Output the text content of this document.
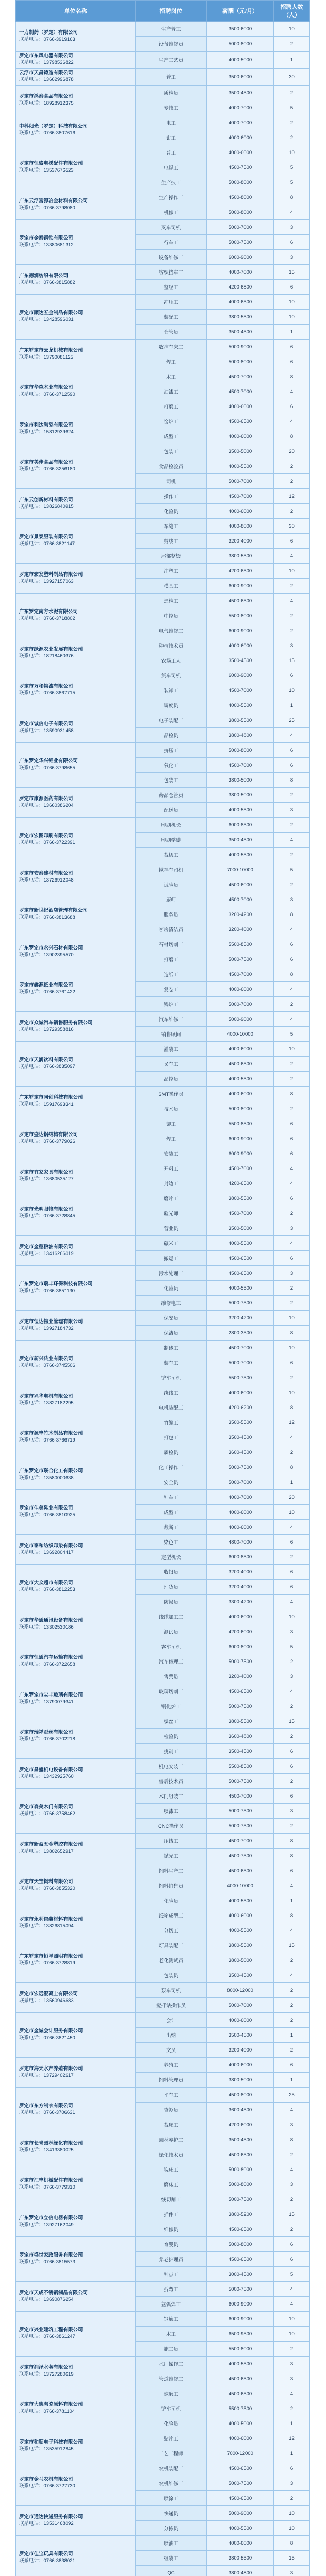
单位名称	招聘岗位	薪酬（元/月）	招聘人数（人）

一力制药（罗定）有限公司
联系电话：0766-3919163	生产普工	3500-6000	10
	设备维修员	5000-8000	2

罗定市东风电器有限公司
联系电话：13798536822	生产工艺员	4000-5000	1

云浮市天昌铸造有限公司
联系电话：13662996878	普工	3500-6000	30

罗定市鸿泰食品有限公司
联系电话：18928912375	质检员	3500-4500	2
	专技工	4000-7000	5

中科阳光（罗定）科技有限公司
联系电话：0766-3807616	电工	4000-7000	2
	钳工	4000-6000	2

罗定市恒盛电梯配件有限公司
联系电话：13537676523	普工	4000-6000	10
	电焊工	4500-7500	5
	生产技工	5000-8000	5

广东云浮富源冶金材料有限公司
联系电话：0766-3798080	生产操作工	4500-8000	8
	机修工	5000-8000	4

罗定市金泰钢铁有限公司
联系电话：13380681312	叉车司机	5000-7000	3
	行车工	5000-7500	6
	设备维修工	6000-9000	3

广东德润纺织有限公司
联系电话：0766-3815882	纺织挡车工	4000-7000	15
	整经工	4200-6800	6

罗定市顺达五金制品有限公司
联系电话：13428596031	冲压工	4000-6500	10
	装配工	3800-5500	10
	仓管员	3500-4500	1

广东罗定市云龙机械有限公司
联系电话：13790081125	数控车床工	5000-9000	6
	焊工	5000-8000	6

罗定市华森木业有限公司
联系电话：0766-3712590	木工	4500-7000	8
	油漆工	4500-7000	4
	打磨工	4000-6000	6

罗定市利达陶瓷有限公司
联系电话：15812939624	窑炉工	4500-6500	4
	成型工	4000-6000	8

罗定市美佳食品有限公司
联系电话：0766-3256180	包装工	3500-5000	20
	食品检验员	4000-5500	2
	司机	5000-7000	2

广东云创新材料有限公司
联系电话：13826840915	操作工	4500-7000	12
	化验员	4000-6000	2

罗定市景泰服装有限公司
联系电话：0766-3821147	车缝工	4000-8000	30
	剪线工	3200-4000	6
	尾部整烫	3800-5500	4

罗定市宏发塑料制品有限公司
联系电话：13927157063	注塑工	4200-6500	10
	模具工	6000-9000	2

广东罗定南方水泥有限公司
联系电话：0766-3718802	巡检工	4500-6500	4
	中控员	5500-8000	2
	电气维修工	6000-9000	2

罗定市绿源农业发展有限公司
联系电话：18218460376	种植技术员	4000-6000	3
	农场工人	3500-4500	15

罗定市万和物流有限公司
联系电话：0766-3867715	货车司机	6000-9000	6
	装卸工	4500-7000	10
	调度员	4000-5500	1

罗定市诚信电子有限公司
联系电话：13590931458	电子装配工	3800-5500	25
	品检员	3800-4800	4

广东罗定华兴铝业有限公司
联系电话：0766-3798655	挤压工	5000-8000	6
	氧化工	4500-7000	6
	包装工	3800-5000	8

罗定市康源医药有限公司
联系电话：13660386204	药品仓管员	3800-5000	2
	配送员	4000-5500	3

罗定市宏图印刷有限公司
联系电话：0766-3722391	印刷机长	6000-8500	2
	印刷学徒	3500-4500	4
	裁切工	4000-5500	2

罗定市安泰建材有限公司
联系电话：13726912048	搅拌车司机	7000-10000	5
	试验员	4500-6000	2

罗定市新世纪酒店管理有限公司
联系电话：0766-3813688	厨师	4500-7000	3
	服务员	3200-4200	8
	客房清洁员	3200-4000	4

广东罗定市永兴石材有限公司
联系电话：13902395570	石材切割工	5500-8500	6
	打磨工	5000-7500	6

罗定市鑫源纸业有限公司
联系电话：0766-3761422	造纸工	4500-7000	8
	复卷工	4000-6000	4
	锅炉工	5000-7000	2

罗定市众诚汽车销售服务有限公司
联系电话：13729358816	汽车维修工	5000-9000	4
	销售顾问	4000-10000	5

罗定市天润饮料有限公司
联系电话：0766-3835097	灌装工	4000-6000	10
	叉车工	4500-6500	2
	品控员	4000-5500	2

广东罗定市同创科技有限公司
联系电话：15917693341	SMT操作员	4000-6000	8
	技术员	5000-8000	2

罗定市盛达钢结构有限公司
联系电话：0766-3779026	铆工	5500-8500	6
	焊工	6000-9000	6
	安装工	6000-9000	6

罗定市宜家家具有限公司
联系电话：13680535127	开料工	4500-7000	4
	封边工	4200-6500	4

罗定市光明眼镜有限公司
联系电话：0766-3728845	磨片工	3800-5500	6
	验光师	4500-7000	2
	营业员	3500-5000	3

罗定市金穗粮油有限公司
联系电话：13416266019	碾米工	4000-5500	4
	搬运工	4500-6500	6

广东罗定市瑞丰环保科技有限公司
联系电话：0766-3851130	污水处理工	4500-6500	3
	化验员	4000-5500	2
	维修电工	5000-7500	2

罗定市恒达物业管理有限公司
联系电话：13927184732	保安员	3200-4200	10
	保洁员	2800-3500	8

罗定市新兴砖业有限公司
联系电话：0766-3745506	制砖工	4500-7000	10
	装车工	5000-7000	6
	铲车司机	5500-7500	2

罗定市兴华电机有限公司
联系电话：13827182295	绕线工	4000-6000	10
	电机装配工	4200-6200	8

罗定市源丰竹木制品有限公司
联系电话：0766-3766719	竹编工	3500-5500	12
	打包工	3500-4500	4
	质检员	3600-4500	2

广东罗定市联合化工有限公司
联系电话：13580000638	化工操作工	5000-7500	8
	安全员	5000-7000	1

罗定市佳美鞋业有限公司
联系电话：0766-3810925	针车工	4000-7000	20
	成型工	4000-6000	10
	裁断工	4000-6000	4

罗定市泰和纺织印染有限公司
联系电话：13692804417	染色工	4800-7000	6
	定型机长	6000-8500	2

罗定市大众超市有限公司
联系电话：0766-3812253	收银员	3200-4000	6
	理货员	3200-4000	6
	防损员	3300-4200	4

罗定市华通通讯设备有限公司
联系电话：13302530186	线缆加工工	4000-6000	10
	测试员	4200-6000	3

罗定市恒通汽车运输有限公司
联系电话：0766-3722658	客车司机	6000-8000	5
	汽车修理工	5000-7500	2
	售票员	3200-4000	3

广东罗定市宝丰玻璃有限公司
联系电话：13790079341	玻璃切割工	4500-6500	4
	钢化炉工	5000-7500	2

罗定市瑞祥蚕丝有限公司
联系电话：0766-3702218	缫丝工	3800-5500	15
	检验员	3600-4800	2
	挑剥工	3500-4500	6

罗定市昌盛机电设备有限公司
联系电话：13432925760	机电安装工	5500-8500	6
	售后技术员	5000-7500	2

罗定市森美木门有限公司
联系电话：0766-3758462	木门组装工	4500-7000	6
	喷漆工	5000-7500	3
	CNC操作员	5000-7500	2

罗定市新盈五金塑胶有限公司
联系电话：13802652917	压铸工	4500-7000	8
	抛光工	4500-7500	8

罗定市天宝饲料有限公司
联系电话：0766-3855320	饲料生产工	4500-6500	6
	饲料销售员	4000-10000	4
	化验员	4000-5500	1

罗定市永利包装材料有限公司
联系电话：13826815094	纸箱成型工	4000-6000	8
	分切工	4000-5500	4

广东罗定市恒星照明有限公司
联系电话：0766-3728819	灯具装配工	3800-5500	15
	老化测试员	3800-5000	2
	包装员	3500-4500	4

罗定市宏远混凝土有限公司
联系电话：13560946683	泵车司机	8000-12000	2
	搅拌站操作员	5000-7000	2

罗定市金诚会计服务有限公司
联系电话：0766-3821450	会计	4000-6000	2
	出纳	3500-4500	1
	文员	3200-4000	2

罗定市海天水产养殖有限公司
联系电话：13729402617	养殖工	4000-6000	6
	饲料管理员	3800-5000	1

罗定市东方制衣有限公司
联系电话：0766-3706631	平车工	4500-8000	25
	查衫员	3600-4500	4
	裁床工	4200-6000	3

罗定市长青园林绿化有限公司
联系电话：13413380025	园林养护工	3500-4500	8
	绿化技术员	4500-6500	2

罗定市汇丰机械配件有限公司
联系电话：0766-3779310	铣床工	5000-8000	4
	磨床工	5000-8000	3
	线切割工	5000-7500	2

广东罗定市立信电器有限公司
联系电话：13927162049	插件工	3800-5200	15
	维修员	4500-6500	2

罗定市盛世家政服务有限公司
联系电话：0766-3815573	育婴员	5000-8000	6
	养老护理员	4500-6500	6
	钟点工	3000-4500	5

罗定市天成不锈钢制品有限公司
联系电话：13690876254	折弯工	5000-7500	4
	氩弧焊工	6000-9000	4

罗定市兴业建筑工程有限公司
联系电话：0766-3861247	钢筋工	6000-9000	10
	木工	6500-9500	10
	施工员	5500-8000	2

罗定市润泽水务有限公司
联系电话：13727280619	水厂操作工	4000-5500	3
	管道维修工	4500-6500	3

罗定市大德陶瓷原料有限公司
联系电话：0766-3781104	球磨工	4500-6500	4
	铲车司机	5500-7500	2
	化验员	4000-5000	1

罗定市和顺电子科技有限公司
联系电话：13535912845	贴片工	4000-6000	12
	工艺工程师	7000-12000	1

罗定市金马农机有限公司
联系电话：0766-3727730	农机装配工	4500-6500	6
	农机维修工	5000-7500	3
	喷涂工	4500-6500	2

罗定市通达快递服务有限公司
联系电话：13531468092	快递员	5000-9000	10
	分拣员	4000-5500	10

罗定市佳宝玩具有限公司
联系电话：0766-3838021	喷油工	4000-6000	8
	组装工	3800-5500	15
	QC	3800-4800	3
